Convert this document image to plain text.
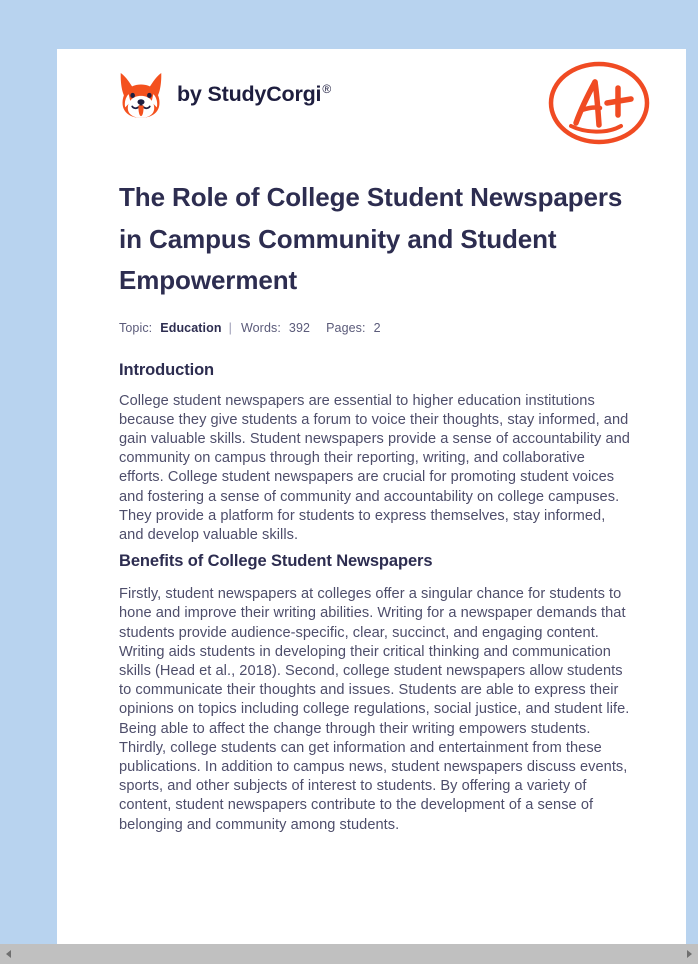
by StudyCorgi®
The Role of College Student Newspapers in Campus Community and Student Empowerment
Topic: Education | Words: 392 Pages: 2
Introduction

College student newspapers are essential to higher education institutions because they give students a forum to voice their thoughts, stay informed, and gain valuable skills. Student newspapers provide a sense of accountability and community on campus through their reporting, writing, and collaborative efforts. College student newspapers are crucial for promoting student voices and fostering a sense of community and accountability on college campuses. They provide a platform for students to express themselves, stay informed, and develop valuable skills.

Benefits of College Student Newspapers

Firstly, student newspapers at colleges offer a singular chance for students to hone and improve their writing abilities. Writing for a newspaper demands that students provide audience-specific, clear, succinct, and engaging content. Writing aids students in developing their critical thinking and communication skills (Head et al., 2018). Second, college student newspapers allow students to communicate their thoughts and issues. Students are able to express their opinions on topics including college regulations, social justice, and student life. Being able to affect the change through their writing empowers students. Thirdly, college students can get information and entertainment from these publications. In addition to campus news, student newspapers discuss events, sports, and other subjects of interest to students. By offering a variety of content, student newspapers contribute to the development of a sense of belonging and community among students.
